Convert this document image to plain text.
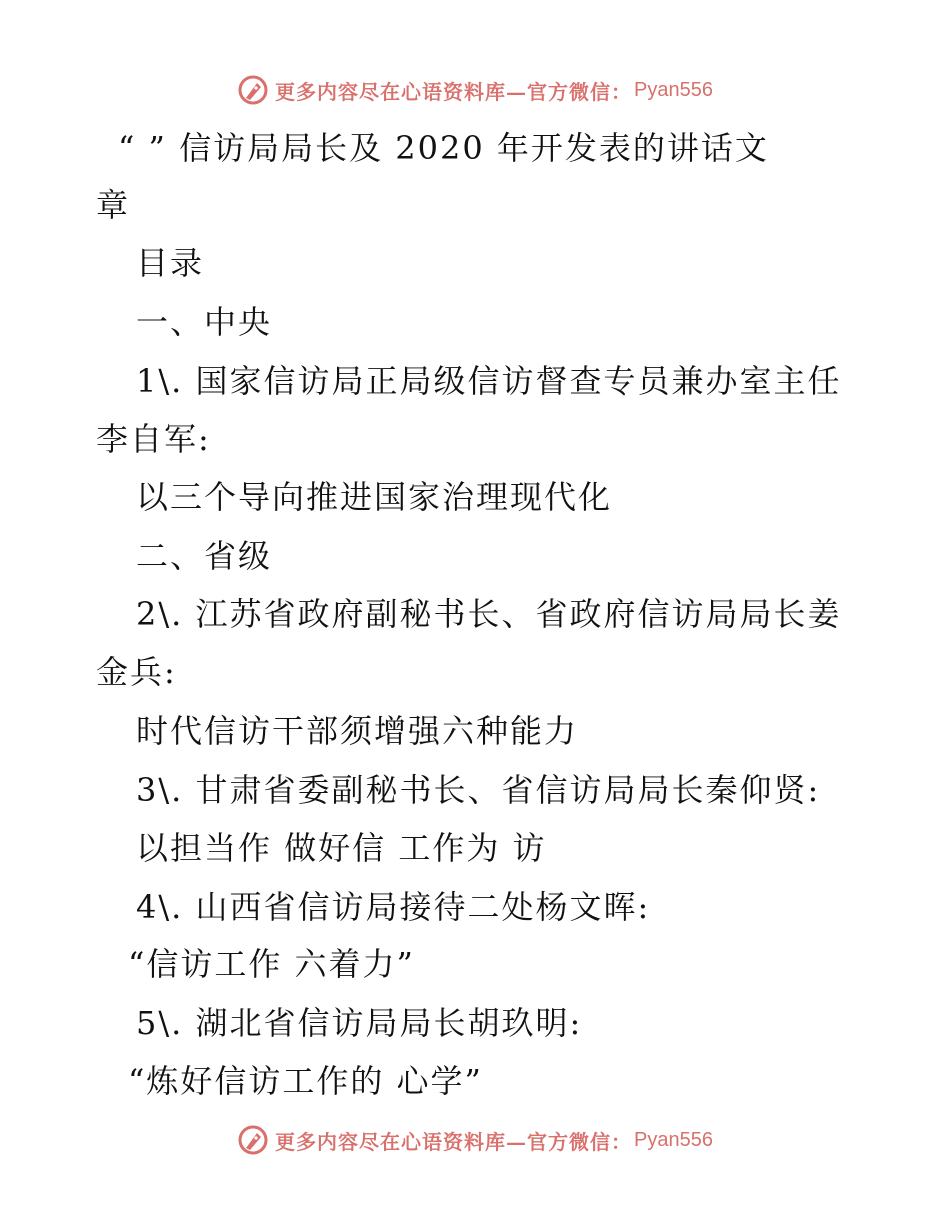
更多内容尽在心语资料库—官方微信： Pyan556
“ ” 信访局局长及 2020 年开发表的讲话文
章
目录
一、中央
1\. 国家信访局正局级信访督查专员兼办室主任
李自军:
以三个导向推进国家治理现代化
二、省级
2\. 江苏省政府副秘书长、省政府信访局局长姜
金兵:
时代信访干部须增强六种能力
3\. 甘肃省委副秘书长、省信访局局长秦仰贤:
以担当作 做好信 工作为 访
4\. 山西省信访局接待二处杨文晖:
“信访工作 六着力”
5\. 湖北省信访局局长胡玖明:
“炼好信访工作的 心学”
更多内容尽在心语资料库—官方微信： Pyan556
